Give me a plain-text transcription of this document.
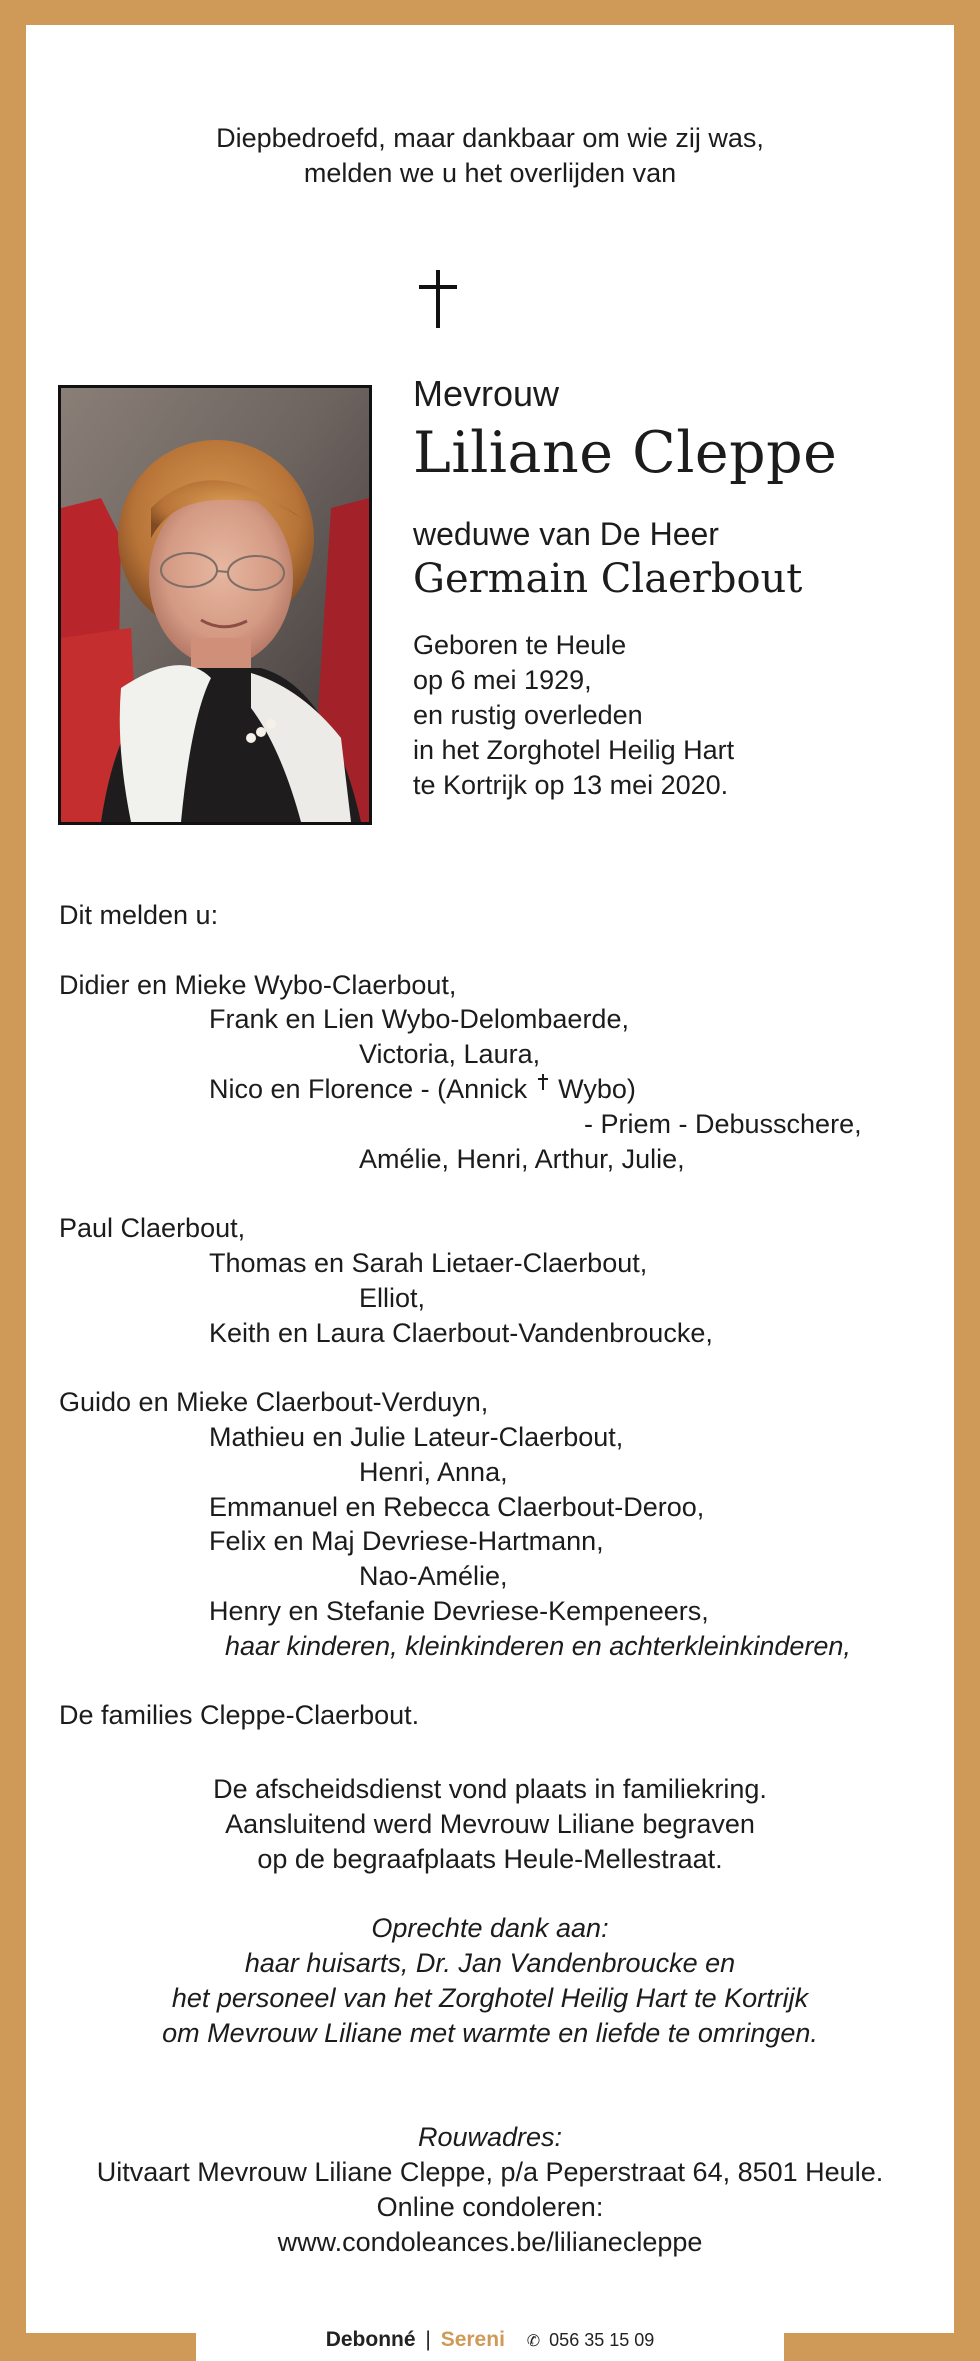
Diepbedroefd, maar dankbaar om wie zij was,
melden we u het overlijden van
Mevrouw
Liliane Cleppe
weduwe van De Heer
Germain Claerbout
Geboren te Heule
op 6 mei 1929,
en rustig overleden
in het Zorghotel Heilig Hart
te Kortrijk op 13 mei 2020.
Dit melden u:
Didier en Mieke Wybo-Claerbout,
Frank en Lien Wybo-Delombaerde,
Victoria, Laura,
Nico en Florence - (Annick Wybo)
- Priem - Debusschere,
Amélie, Henri, Arthur, Julie,
Paul Claerbout,
Thomas en Sarah Lietaer-Claerbout,
Elliot,
Keith en Laura Claerbout-Vandenbroucke,
Guido en Mieke Claerbout-Verduyn,
Mathieu en Julie Lateur-Claerbout,
Henri, Anna,
Emmanuel en Rebecca Claerbout-Deroo,
Felix en Maj Devriese-Hartmann,
Nao-Amélie,
Henry en Stefanie Devriese-Kempeneers,
haar kinderen, kleinkinderen en achterkleinkinderen,
De families Cleppe-Claerbout.
De afscheidsdienst vond plaats in familiekring.
Aansluitend werd Mevrouw Liliane begraven
op de begraafplaats Heule-Mellestraat.
Oprechte dank aan:
haar huisarts, Dr. Jan Vandenbroucke en
het personeel van het Zorghotel Heilig Hart te Kortrijk
om Mevrouw Liliane met warmte en liefde te omringen.
Rouwadres:
Uitvaart Mevrouw Liliane Cleppe, p/a Peperstraat 64, 8501 Heule.
Online condoleren:
www.condoleances.be/lilianecleppe
Debonné | Sereni ✆ 056 35 15 09
